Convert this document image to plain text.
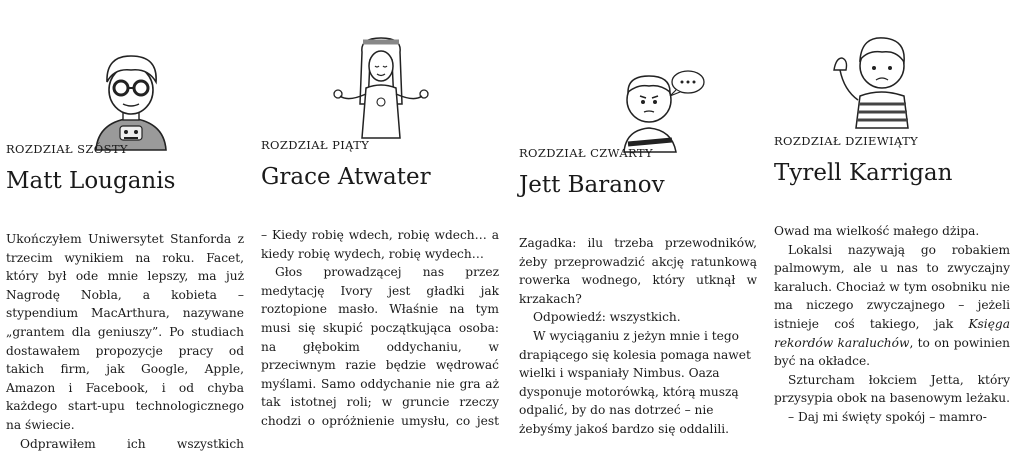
ROZDZIAŁ SZÓSTY
Matt Louganis

Ukończyłem Uniwersytet Stanforda z trzecim wynikiem na roku. Facet, który był ode mnie lepszy, ma już Nagrodę Nobla, a kobieta – stypendium MacArthura, nazywane „grantem dla geniuszy”. Po studiach dostawałem propozycje pracy od takich firm, jak Google, Apple, Amazon i Facebook, i od chyba każdego start-upu technologicznego na świecie.

Odprawiłem ich wszystkich

ROZDZIAŁ PIĄTY
Grace Atwater

– Kiedy robię wdech, robię wdech… a kiedy robię wydech, robię wydech…

Głos prowadzącej nas przez medytację Ivory jest gładki jak roztopione masło. Właśnie na tym musi się skupić początkująca osoba: na głębokim oddychaniu, w przeciwnym razie będzie wędrować myślami. Samo oddychanie nie gra aż tak istotnej roli; w gruncie rzeczy chodzi o opróżnienie umysłu, co jest

ROZDZIAŁ CZWARTY
Jett Baranov

Zagadka: ilu trzeba przewodników, żeby przeprowadzić akcję ratunkową rowerka wodnego, który utknął w krzakach?

Odpowiedź: wszystkich.

W wyciąganiu z jeżyn mnie i tego drapiącego się kolesia pomaga nawet wielki i wspaniały Nimbus. Oaza dysponuje motorówką, którą muszą odpalić, by do nas dotrzeć – nie żebyśmy jakoś bardzo się oddalili.

ROZDZIAŁ DZIEWIĄTY
Tyrell Karrigan

Owad ma wielkość małego dżipa.

Lokalsi nazywają go robakiem palmowym, ale u nas to zwyczajny karaluch. Chociaż w tym osobniku nie ma niczego zwyczajnego – jeżeli istnieje coś takiego, jak Księga rekordów karaluchów, to on powinien być na okładce.

Szturcham łokciem Jetta, który przysypia obok na basenowym leżaku.

– Daj mi święty spokój – mamro-
